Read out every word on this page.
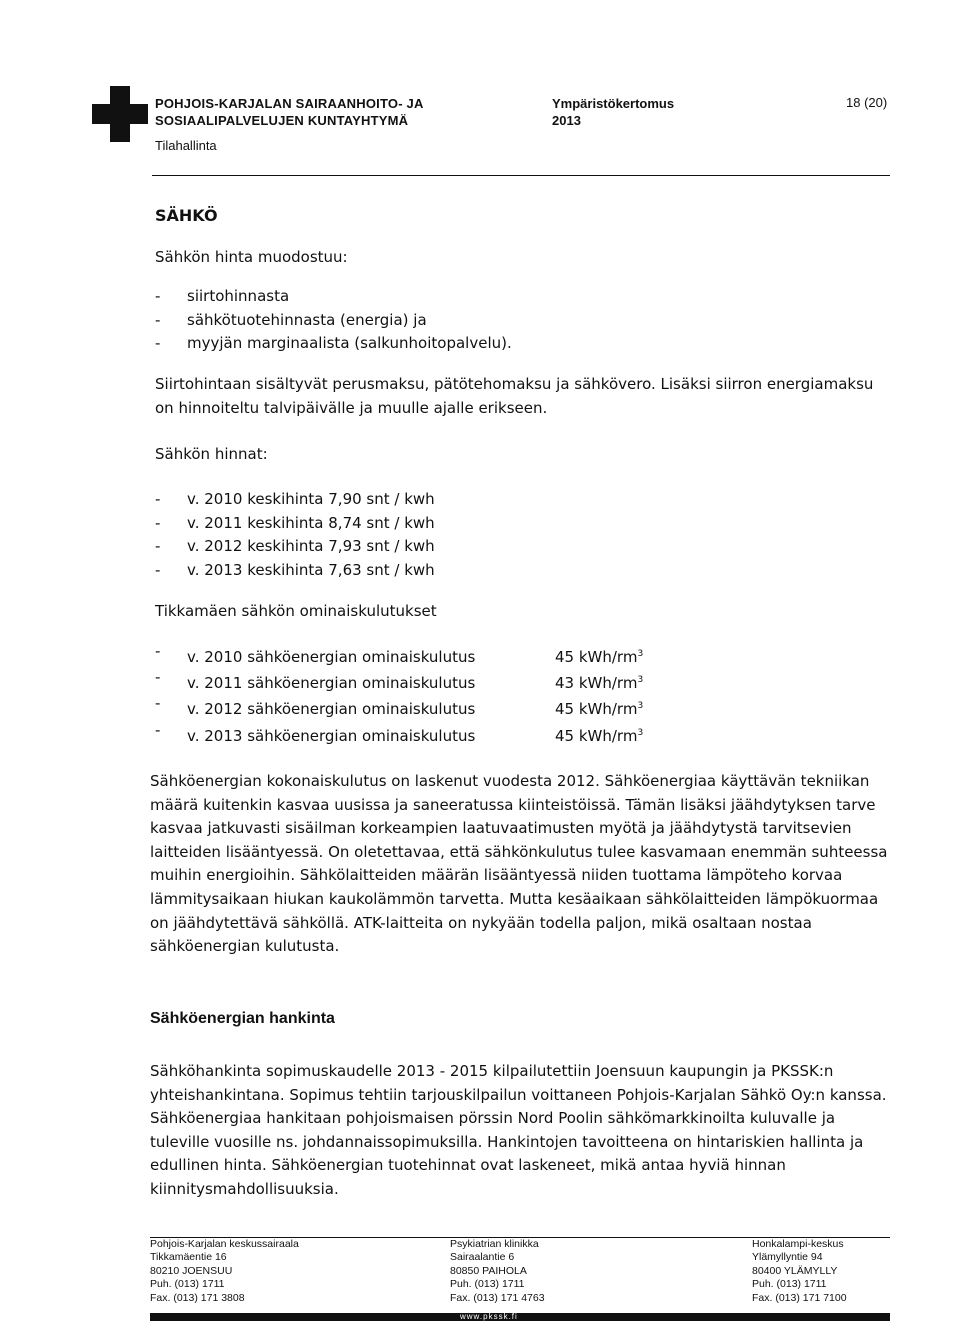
POHJOIS-KARJALAN SAIRAANHOITO- JA
SOSIAALIPALVELUJEN KUNTAYHTYMÄ
Ympäristökertomus
2013
18 (20)
Tilahallinta
SÄHKÖ
Sähkön hinta muodostuu:
- siirtohinnasta
- sähkötuotehinnasta (energia) ja
- myyjän marginaalista (salkunhoitopalvelu).

Siirtohintaan sisältyvät perusmaksu, pätötehomaksu ja sähkövero. Lisäksi siirron energiamaksu on hinnoiteltu talvipäivälle ja muulle ajalle erikseen.

Sähkön hinnat:
- v. 2010 keskihinta 7,90 snt / kwh
- v. 2011 keskihinta 8,74 snt / kwh
- v. 2012 keskihinta 7,93 snt / kwh
- v. 2013 keskihinta 7,63 snt / kwh
Tikkamäen sähkön ominaiskulutukset
- v. 2010 sähköenergian ominaiskulutus	45 kWh/$rm^3$
- v. 2011 sähköenergian ominaiskulutus	43 kWh/$rm^3$
- v. 2012 sähköenergian ominaiskulutus	45 kWh/$rm^3$
- v. 2013 sähköenergian ominaiskulutus	45 kWh/$rm^3$

Sähköenergian kokonaiskulutus on laskenut vuodesta 2012. Sähköenergiaa käyttävän tekniikan määrä kuitenkin kasvaa uusissa ja saneeratussa kiinteistöissä. Tämän lisäksi jäähdytyksen tarve kasvaa jatkuvasti sisäilman korkeampien laatuvaatimusten myötä ja jäähdytystä tarvitsevien laitteiden lisääntyessä. On oletettavaa, että sähkönkulutus tulee kasvamaan enemmän suhteessa muihin energioihin. Sähkölaitteiden määrän lisääntyessä niiden tuottama lämpöteho korvaa lämmitysaikaan hiukan kaukolämmön tarvetta. Mutta kesäaikaan sähkölaitteiden lämpökuormaa on jäähdytettävä sähköllä. ATK-laitteita on nykyään todella paljon, mikä osaltaan nostaa sähköenergian kulutusta.

Sähköenergian hankinta

Sähköhankinta sopimuskaudelle 2013 - 2015 kilpailutettiin Joensuun kaupungin ja PKSSK:n yhteishankintana. Sopimus tehtiin tarjouskilpailun voittaneen Pohjois-Karjalan Sähkö Oy:n kanssa. Sähköenergiaa hankitaan pohjoismaisen pörssin Nord Poolin sähkömarkkinoilta kuluvalle ja tuleville vuosille ns. johdannaissopimuksilla. Hankintojen tavoitteena on hintariskien hallinta ja edullinen hinta. Sähköenergian tuotehinnat ovat laskeneet, mikä antaa hyviä hinnan kiinnitysmahdollisuuksia.

Pohjois-Karjalan keskussairaala
Tikkamäentie 16
80210 JOENSUU
Puh. (013) 1711
Fax. (013) 171 3808
Psykiatrian klinikka
Sairaalantie 6
80850 PAIHOLA
Puh. (013) 1711
Fax. (013) 171 4763
Honkalampi-keskus
Ylämyllyntie 94
80400 YLÄMYLLY
Puh. (013) 1711
Fax. (013) 171 7100
www.pkssk.fi
